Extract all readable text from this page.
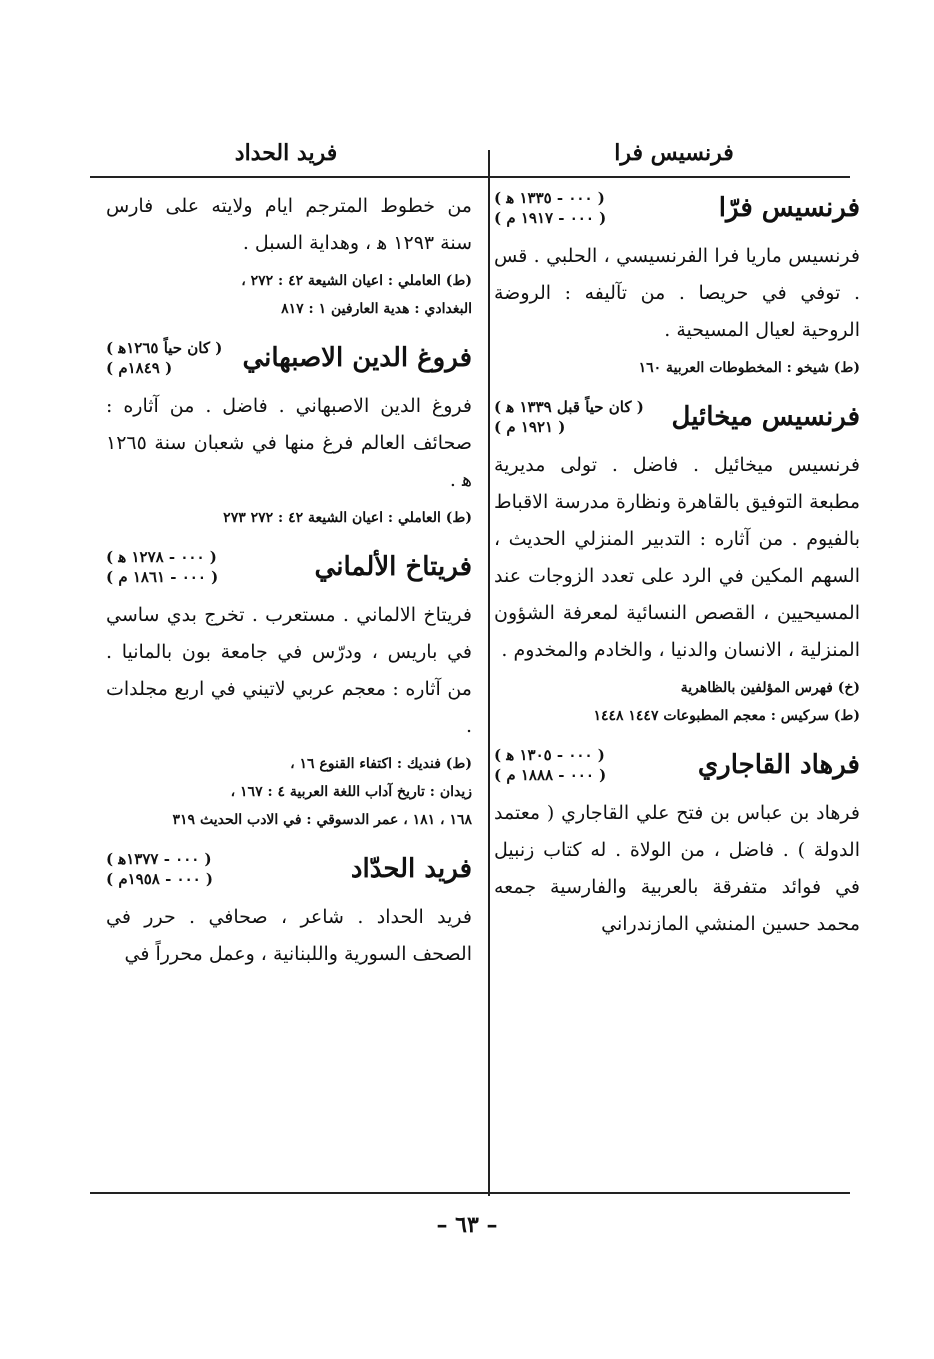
فرنسيس فرا
فريد الحداد
فرنسيس فرّا
( ٠٠٠ - ١٣٣٥ ﻫ )
( ٠٠٠ - ١٩١٧ م )

فرنسيس ماريا فرا الفرنسيسي ، الحلبي . قس . توفي في حريصا . من تآليفه : الروضة الروحية لعيال المسيحية .

(ط) شيخو : المخطوطات العربية ١٦٠
فرنسيس ميخائيل
( كان حياً قبل ١٣٣٩ ﻫ )
( ١٩٢١ م )

فرنسيس ميخائيل . فاضل . تولى مديرية مطبعة التوفيق بالقاهرة ونظارة مدرسة الاقباط بالفيوم . من آثاره : التدبير المنزلي الحديث ، السهم المكين في الرد على تعدد الزوجات عند المسيحيين ، القصص النسائية لمعرفة الشؤون المنزلية ، الانسان والدنيا ، والخادم والمخدوم .

(خ) فهرس المؤلفين بالظاهرية
(ط) سركيس : معجم المطبوعات ١٤٤٧ ١٤٤٨
فرهاد القاجاري
( ٠٠٠ - ١٣٠٥ ﻫ )
( ٠٠٠ - ١٨٨٨ م )

فرهاد بن عباس بن فتح علي القاجاري ( معتمد الدولة ) . فاضل ، من الولاة . له كتاب زنبيل في فوائد متفرقة بالعربية والفارسية جمعه محمد حسين المنشي المازندراني

من خطوط المترجم ايام ولايته على فارس سنة ١٢٩٣ ﻫ ، وهداية السبل .

(ط) العاملي : اعيان الشيعة ٤٢ : ٢٧٢ ،
البغدادي : هدية العارفين ١ : ٨١٧
فروغ الدين الاصبهاني
( كان حياً ١٢٦٥ﻫ )
( ١٨٤٩م )

فروغ الدين الاصبهاني . فاضل . من آثاره : صحائف العالم فرغ منها في شعبان سنة ١٢٦٥ ﻫ .

(ط) العاملي : اعيان الشيعة ٤٢ : ٢٧٢ ٢٧٣
فريتاخ الألماني
( ٠٠٠ - ١٢٧٨ ﻫ )
( ٠٠٠ - ١٨٦١ م )

فريتاخ الالماني . مستعرب . تخرج بدي ساسي في باريس ، ودرّس في جامعة بون بالمانيا . من آثاره : معجم عربي لاتيني في اربع مجلدات .

(ط) فنديك : اكتفاء القنوع ١٦ ،
زيدان : تاريخ آداب اللغة العربية ٤ : ١٦٧ ،
١٦٨ ، ١٨١ ، عمر الدسوقي : في الادب الحديث ٣١٩
فريد الحدّاد
( ٠٠٠ - ١٣٧٧ﻫ )
( ٠٠٠ - ١٩٥٨م )

فريد الحداد . شاعر ، صحافي . حرر في الصحف السورية واللبنانية ، وعمل محرراً في

– ٦٣ –
